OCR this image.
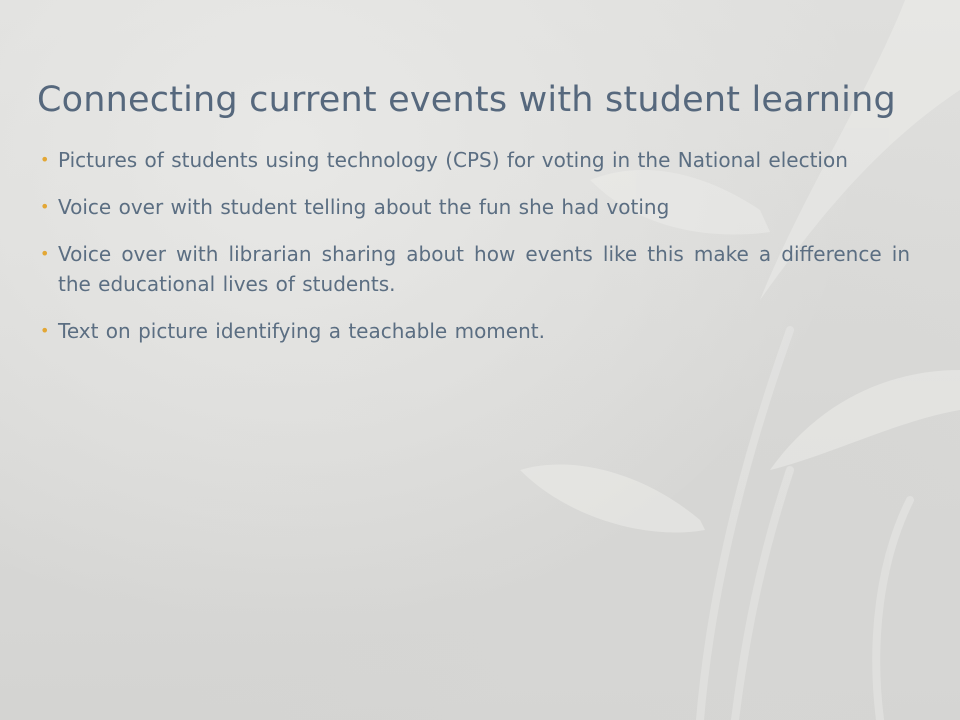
Connecting current events with student learning
• Pictures of students using technology (CPS) for voting in the National election
• Voice over with student telling about the fun she had voting
• Voice over with librarian sharing about how events like this make a difference in the educational lives of students.
• Text on picture identifying a teachable moment.
